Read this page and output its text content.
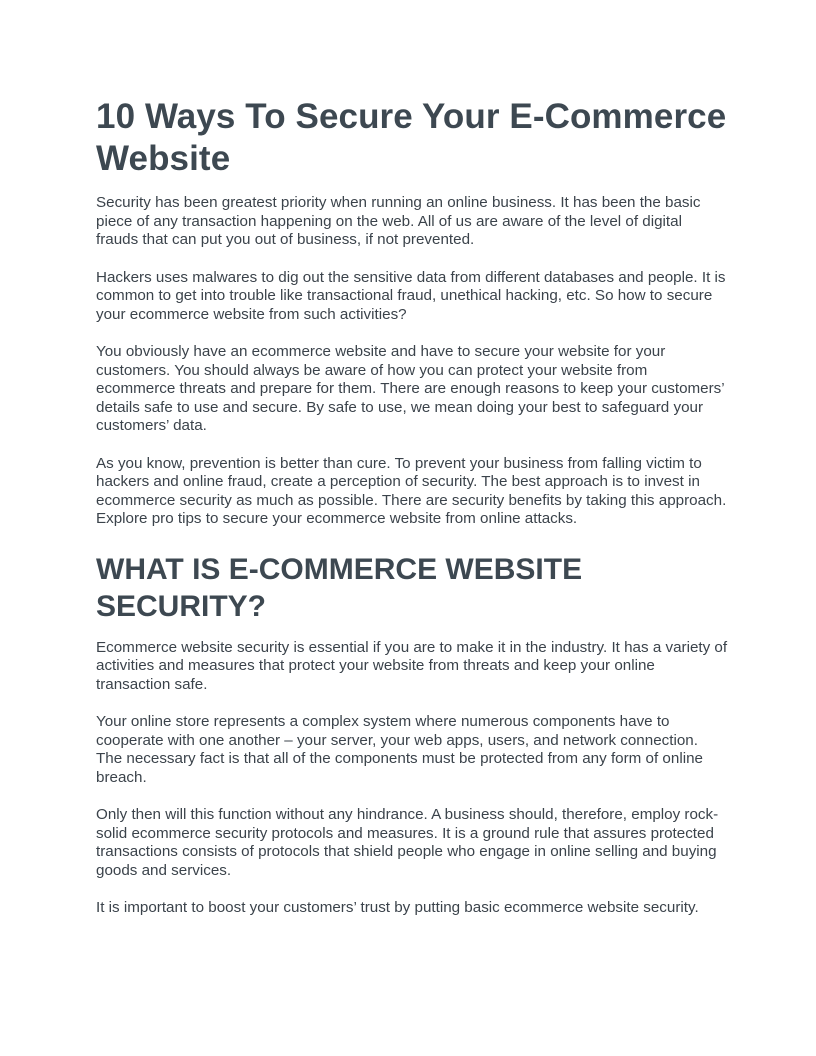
10 Ways To Secure Your E-Commerce Website

Security has been greatest priority when running an online business. It has been the basic piece of any transaction happening on the web. All of us are aware of the level of digital frauds that can put you out of business, if not prevented.

Hackers uses malwares to dig out the sensitive data from different databases and people. It is common to get into trouble like transactional fraud, unethical hacking, etc. So how to secure your ecommerce website from such activities?

You obviously have an ecommerce website and have to secure your website for your customers. You should always be aware of how you can protect your website from ecommerce threats and prepare for them. There are enough reasons to keep your customers’ details safe to use and secure. By safe to use, we mean doing your best to safeguard your customers’ data.

As you know, prevention is better than cure. To prevent your business from falling victim to hackers and online fraud, create a perception of security. The best approach is to invest in ecommerce security as much as possible. There are security benefits by taking this approach. Explore pro tips to secure your ecommerce website from online attacks.

WHAT IS E-COMMERCE WEBSITE SECURITY?

Ecommerce website security is essential if you are to make it in the industry. It has a variety of activities and measures that protect your website from threats and keep your online transaction safe.

Your online store represents a complex system where numerous components have to cooperate with one another – your server, your web apps, users, and network connection. The necessary fact is that all of the components must be protected from any form of online breach.

Only then will this function without any hindrance. A business should, therefore, employ rock-solid ecommerce security protocols and measures. It is a ground rule that assures protected transactions consists of protocols that shield people who engage in online selling and buying goods and services.

It is important to boost your customers’ trust by putting basic ecommerce website security.
